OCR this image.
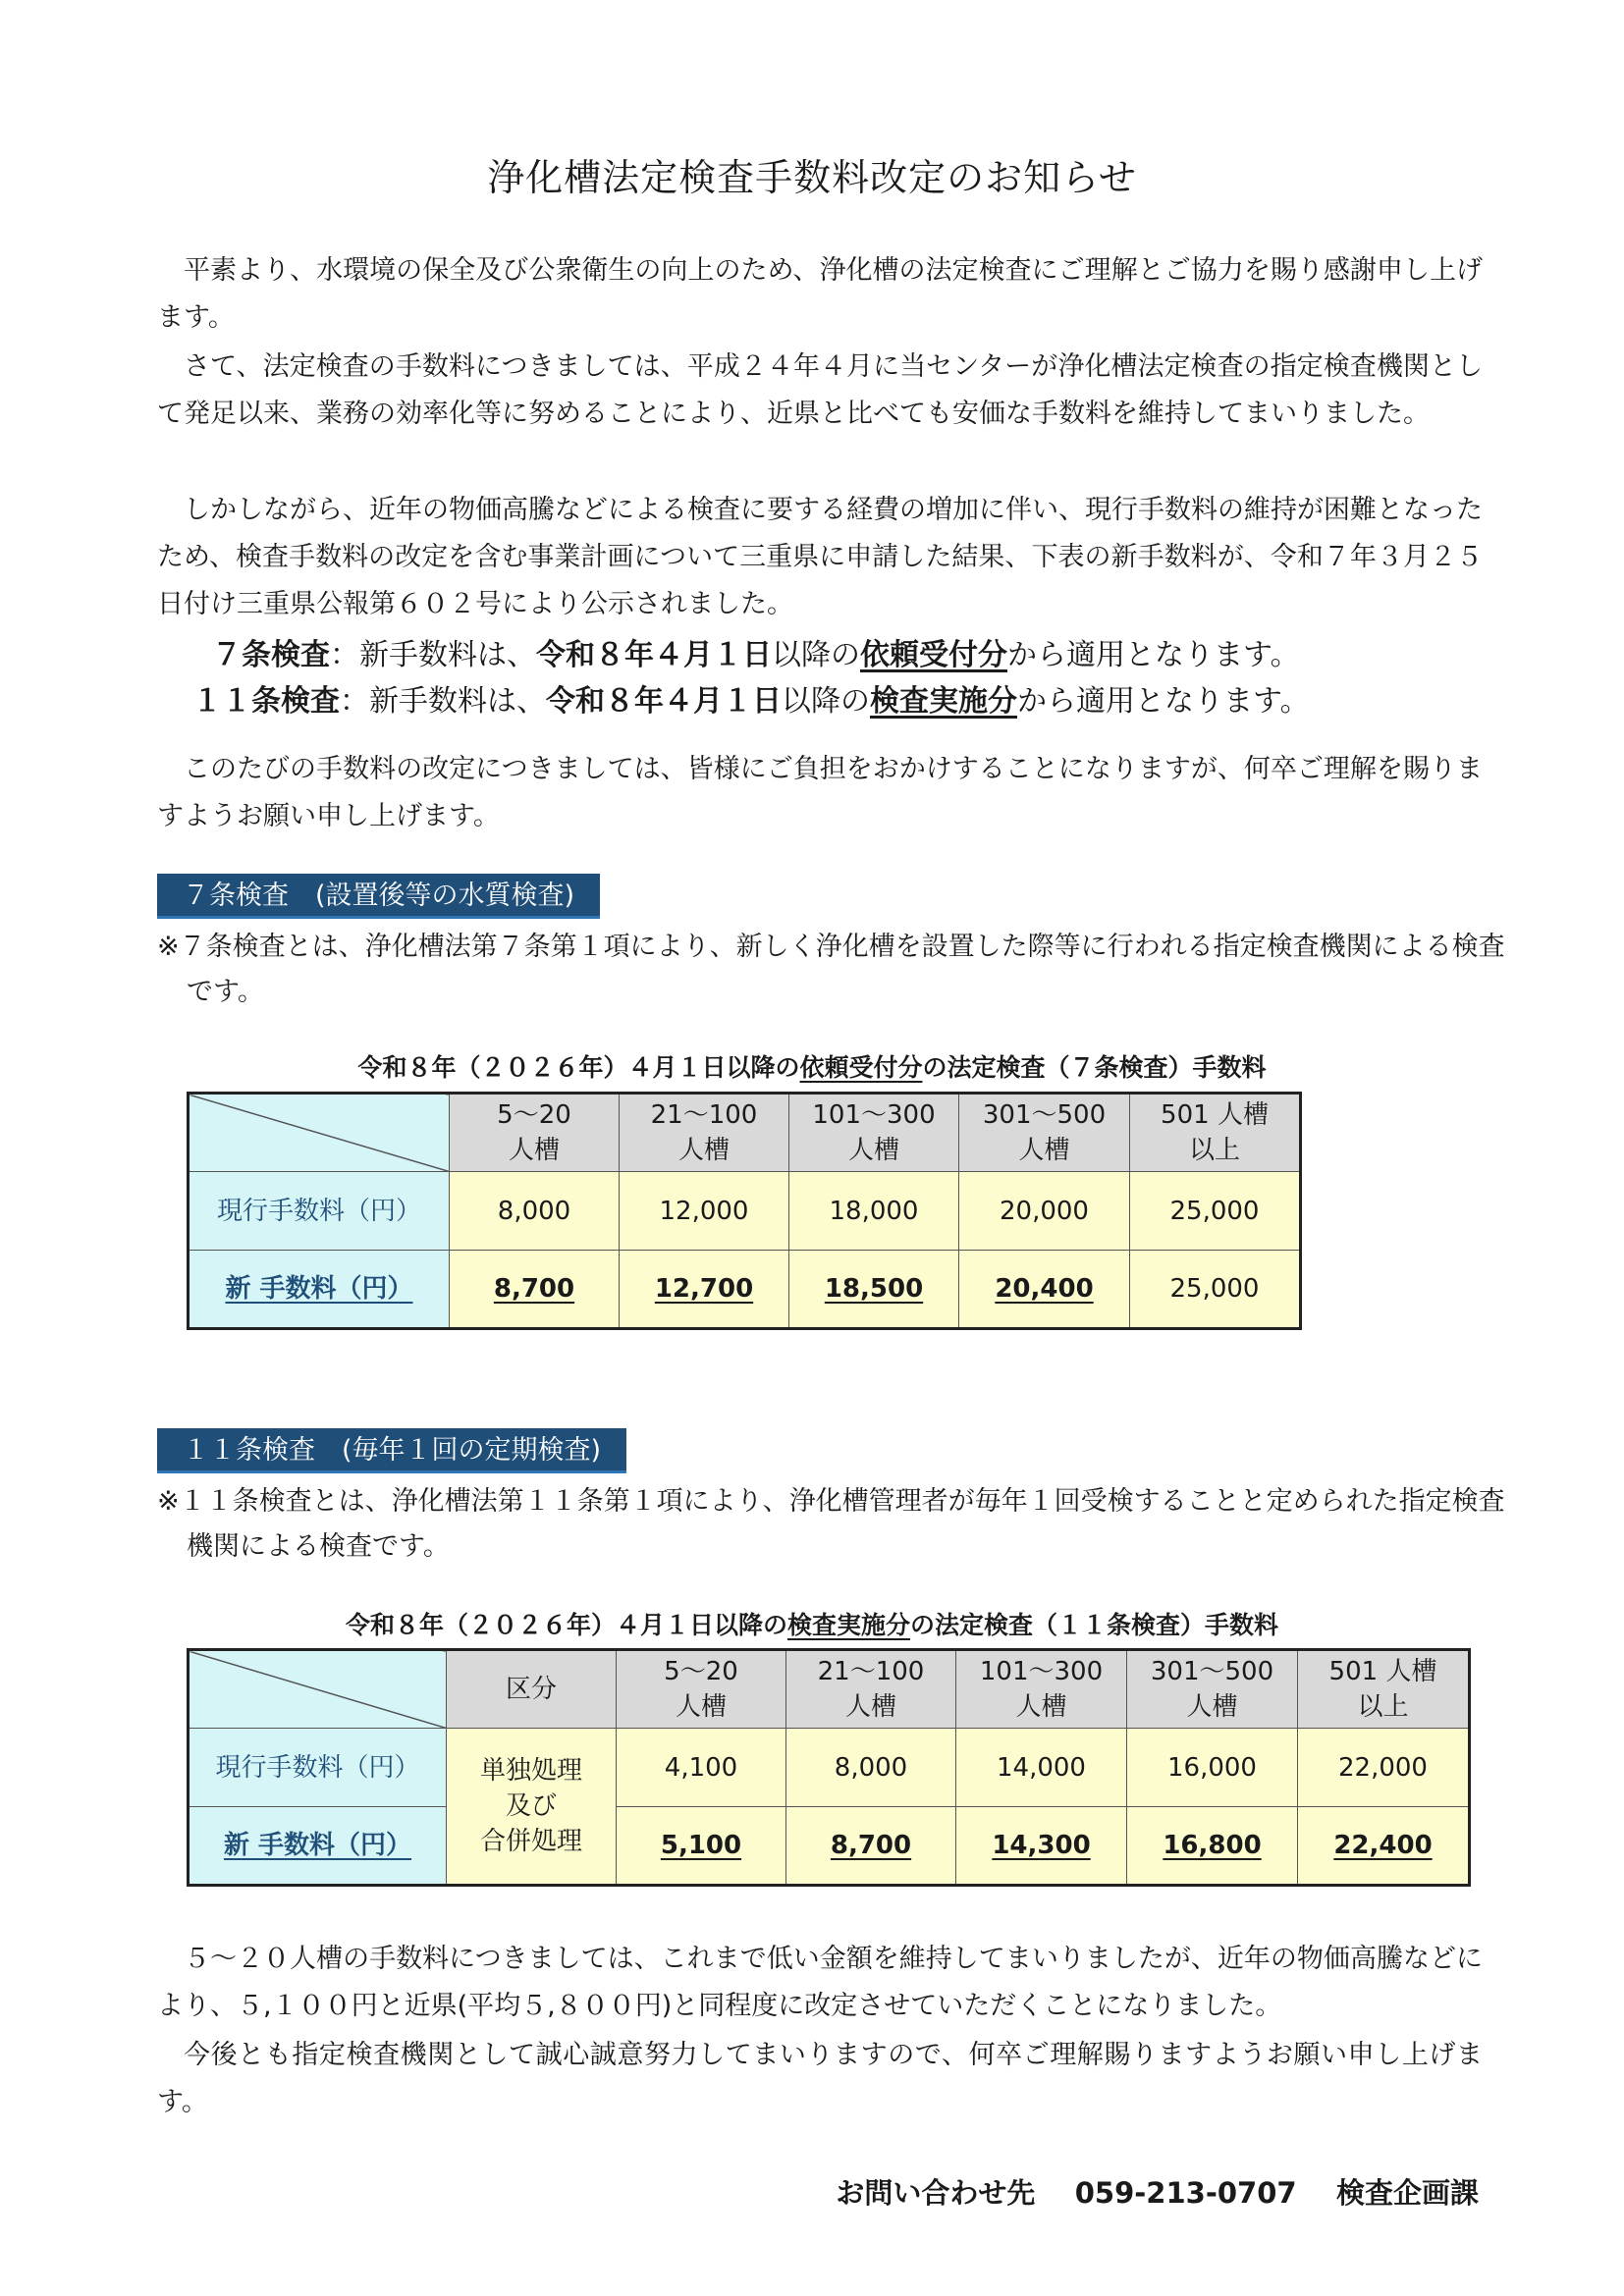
浄化槽法定検査手数料改定のお知らせ

平素より、水環境の保全及び公衆衛生の向上のため、浄化槽の法定検査にご理解とご協力を賜り感謝申し上げます。

さて、法定検査の手数料につきましては、平成２４年４月に当センターが浄化槽法定検査の指定検査機関として発足以来、業務の効率化等に努めることにより、近県と比べても安価な手数料を維持してまいりました。

しかしながら、近年の物価高騰などによる検査に要する経費の増加に伴い、現行手数料の維持が困難となったため、検査手数料の改定を含む事業計画について三重県に申請した結果、下表の新手数料が、令和７年３月２５日付け三重県公報第６０２号により公示されました。

７条検査：新手数料は、令和８年４月１日以降の依頼受付分から適用となります。
１１条検査：新手数料は、令和８年４月１日以降の検査実施分から適用となります。

このたびの手数料の改定につきましては、皆様にご負担をおかけすることになりますが、何卒ご理解を賜りますようお願い申し上げます。

７条検査　(設置後等の水質検査)

※７条検査とは、浄化槽法第７条第１項により、新しく浄化槽を設置した際等に行われる指定検査機関による検査です。

令和８年（２０２６年）４月１日以降の依頼受付分の法定検査（７条検査）手数料
	5～20
人槽	21～100
人槽	101～300
人槽	301～500
人槽	501 人槽
以上
現行手数料（円）	8,000	12,000	18,000	20,000	25,000
新 手数料（円）	8,700	12,700	18,500	20,400	25,000
１１条検査　(毎年１回の定期検査)

※１１条検査とは、浄化槽法第１１条第１項により、浄化槽管理者が毎年１回受検することと定められた指定検査機関による検査です。

令和８年（２０２６年）４月１日以降の検査実施分の法定検査（１１条検査）手数料
	区分	5～20
人槽	21～100
人槽	101～300
人槽	301～500
人槽	501 人槽
以上
現行手数料（円）	単独処理
及び
合併処理	4,100	8,000	14,000	16,000	22,000
新 手数料（円）		5,100	8,700	14,300	16,800	22,400

５～２０人槽の手数料につきましては、これまで低い金額を維持してまいりましたが、近年の物価高騰などにより、５,１００円と近県(平均５,８００円)と同程度に改定させていただくことになりました。

今後とも指定検査機関として誠心誠意努力してまいりますので、何卒ご理解賜りますようお願い申し上げます。

お問い合わせ先 059-213-0707 検査企画課
